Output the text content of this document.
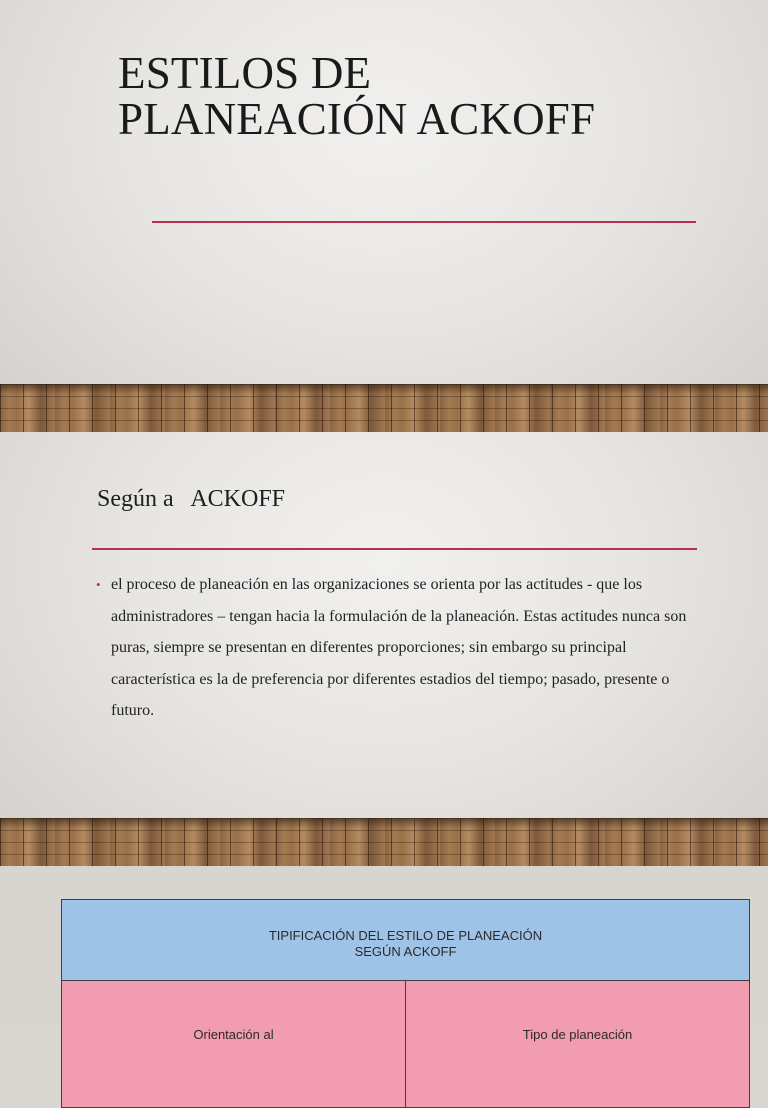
ESTILOS DE
PLANEACIÓN ACKOFF
Según a   ACKOFF
• el proceso de planeación en las organizaciones se orienta por las actitudes - que los administradores – tengan hacia la formulación de la planeación. Estas actitudes nunca son puras, siempre se presentan en diferentes proporciones; sin embargo su principal característica es la de preferencia por diferentes estadios del tiempo; pasado, presente o futuro.
TIPIFICACIÓN DEL ESTILO DE PLANEACIÓN
SEGÚN ACKOFF

Orientación al	Tipo de planeación
